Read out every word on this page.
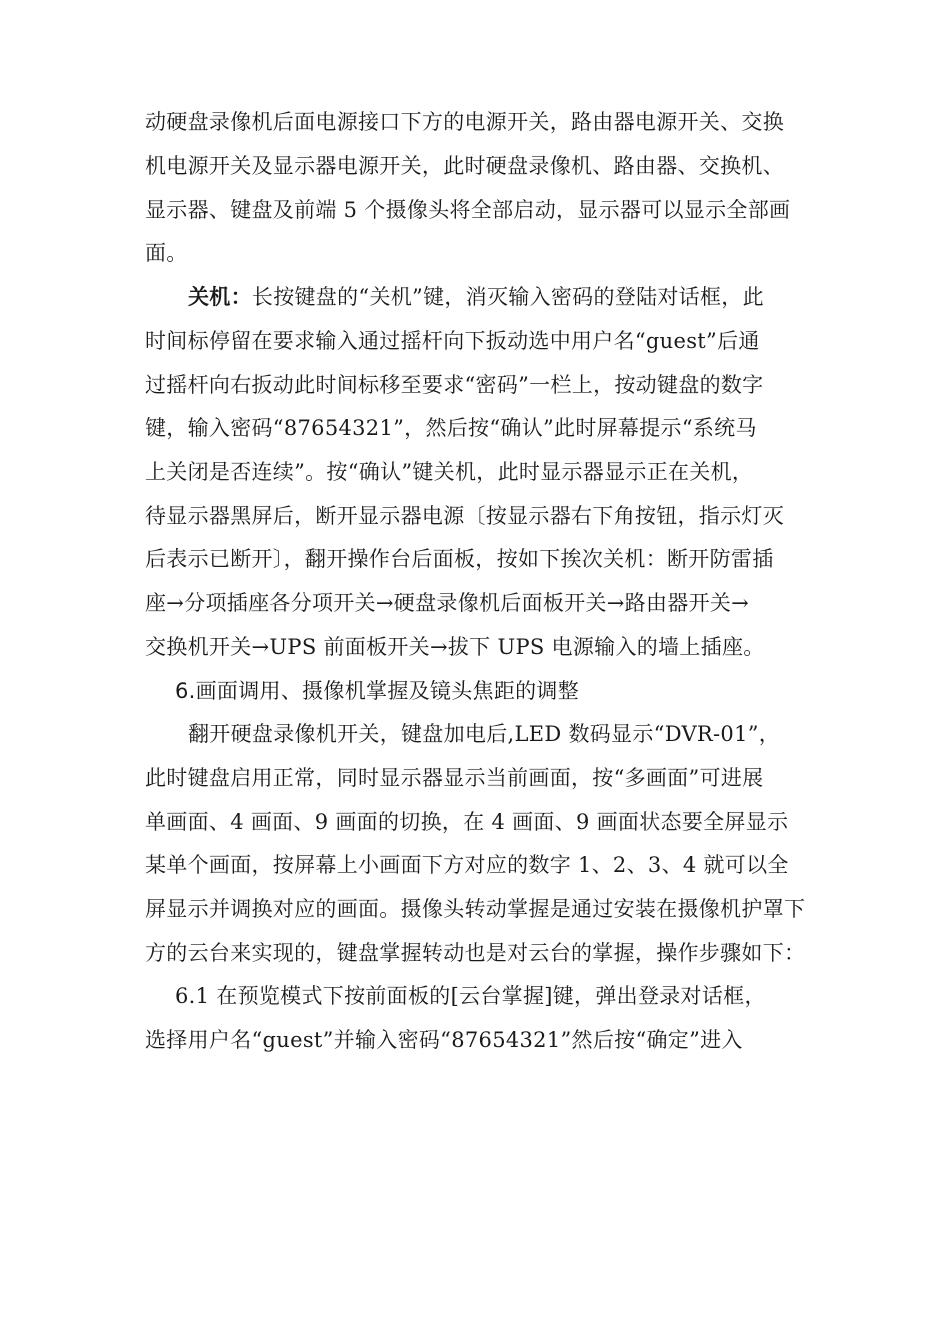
动硬盘录像机后面电源接口下方的电源开关，路由器电源开关、交换
机电源开关及显示器电源开关，此时硬盘录像机、路由器、交换机、
显示器、键盘及前端 5 个摄像头将全部启动，显示器可以显示全部画
面。
关机：长按键盘的“关机”键，消灭输入密码的登陆对话框，此
时间标停留在要求输入通过摇杆向下扳动选中用户名“guest”后通
过摇杆向右扳动此时间标移至要求“密码”一栏上，按动键盘的数字
键，输入密码“87654321”，然后按“确认”此时屏幕提示“系统马
上关闭是否连续”。按“确认”键关机，此时显示器显示正在关机，
待显示器黑屏后，断开显示器电源〔按显示器右下角按钮，指示灯灭
后表示已断开〕，翻开操作台后面板，按如下挨次关机：断开防雷插
座→分项插座各分项开关→硬盘录像机后面板开关→路由器开关→
交换机开关→UPS 前面板开关→拔下 UPS 电源输入的墙上插座。
6.画面调用、摄像机掌握及镜头焦距的调整
翻开硬盘录像机开关，键盘加电后,LED 数码显示“DVR-01”，
此时键盘启用正常，同时显示器显示当前画面，按“多画面”可进展
单画面、4 画面、9 画面的切换，在 4 画面、9 画面状态要全屏显示
某单个画面，按屏幕上小画面下方对应的数字 1、2、3、4 就可以全
屏显示并调换对应的画面。摄像头转动掌握是通过安装在摄像机护罩下
方的云台来实现的，键盘掌握转动也是对云台的掌握，操作步骤如下：
6.1 在预览模式下按前面板的[云台掌握]键，弹出登录对话框，
选择用户名“guest”并输入密码“87654321”然后按“确定”进入
